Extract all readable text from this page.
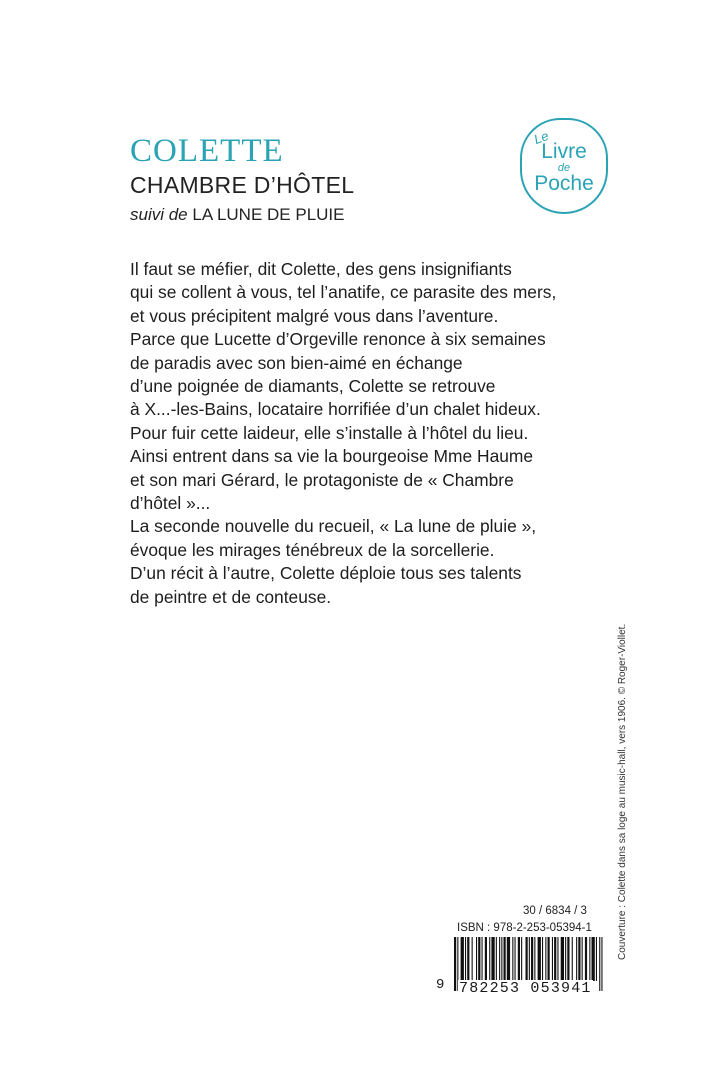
COLETTE
CHAMBRE D’HÔTEL
suivi de LA LUNE DE PLUIE
Le
Livre
de
Poche
Il faut se méfier, dit Colette, des gens insignifiants
qui se collent à vous, tel l’anatife, ce parasite des mers,
et vous précipitent malgré vous dans l’aventure.
Parce que Lucette d’Orgeville renonce à six semaines
de paradis avec son bien-aimé en échange
d’une poignée de diamants, Colette se retrouve
à X...-les-Bains, locataire horrifiée d’un chalet hideux.
Pour fuir cette laideur, elle s’installe à l’hôtel du lieu.
Ainsi entrent dans sa vie la bourgeoise Mme Haume
et son mari Gérard, le protagoniste de « Chambre
d’hôtel »...
La seconde nouvelle du recueil, « La lune de pluie »,
évoque les mirages ténébreux de la sorcellerie.
D’un récit à l’autre, Colette déploie tous ses talents
de peintre et de conteuse.
Couverture : Colette dans sa loge au music-hall, vers 1906. © Roger-Viollet.
30 / 6834 / 3
ISBN : 978-2-253-05394-1
9 782253 053941
